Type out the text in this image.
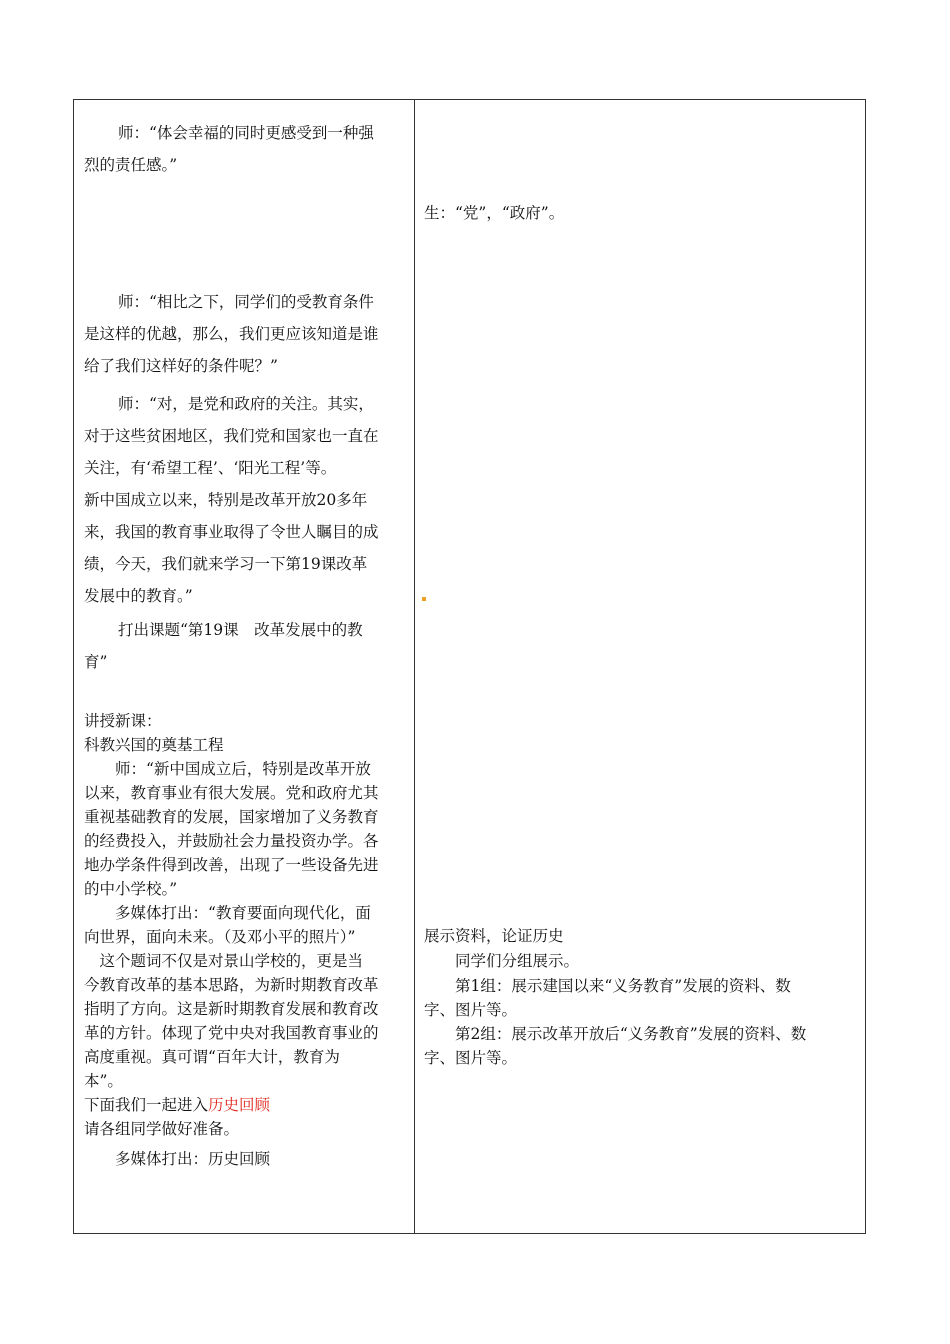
师：“体会幸福的同时更感受到一种强
烈的责任感。”
师：“相比之下，同学们的受教育条件
是这样的优越，那么，我们更应该知道是谁
给了我们这样好的条件呢？”
师：“对，是党和政府的关注。其实，
对于这些贫困地区，我们党和国家也一直在
关注，有‘希望工程’、‘阳光工程’等。
新中国成立以来，特别是改革开放20多年
来，我国的教育事业取得了令世人瞩目的成
绩，今天，我们就来学习一下第19课改革
发展中的教育。”
打出课题“第19课　改革发展中的教
育”
讲授新课：
科教兴国的奠基工程
　　师：“新中国成立后，特别是改革开放
以来，教育事业有很大发展。党和政府尤其
重视基础教育的发展，国家增加了义务教育
的经费投入，并鼓励社会力量投资办学。各
地办学条件得到改善，出现了一些设备先进
的中小学校。”
　　多媒体打出：“教育要面向现代化，面
向世界，面向未来。（及邓小平的照片）”
　这个题词不仅是对景山学校的，更是当
今教育改革的基本思路，为新时期教育改革
指明了方向。这是新时期教育发展和教育改
革的方针。体现了党中央对我国教育事业的
高度重视。真可谓“百年大计，教育为
本”。
下面我们一起进入历史回顾
请各组同学做好准备。
　　多媒体打出：历史回顾
生：“党”，“政府”。
展示资料，论证历史
　　同学们分组展示。
　　第1组：展示建国以来“义务教育”发展的资料、数
字、图片等。
　　第2组：展示改革开放后“义务教育”发展的资料、数
字、图片等。
